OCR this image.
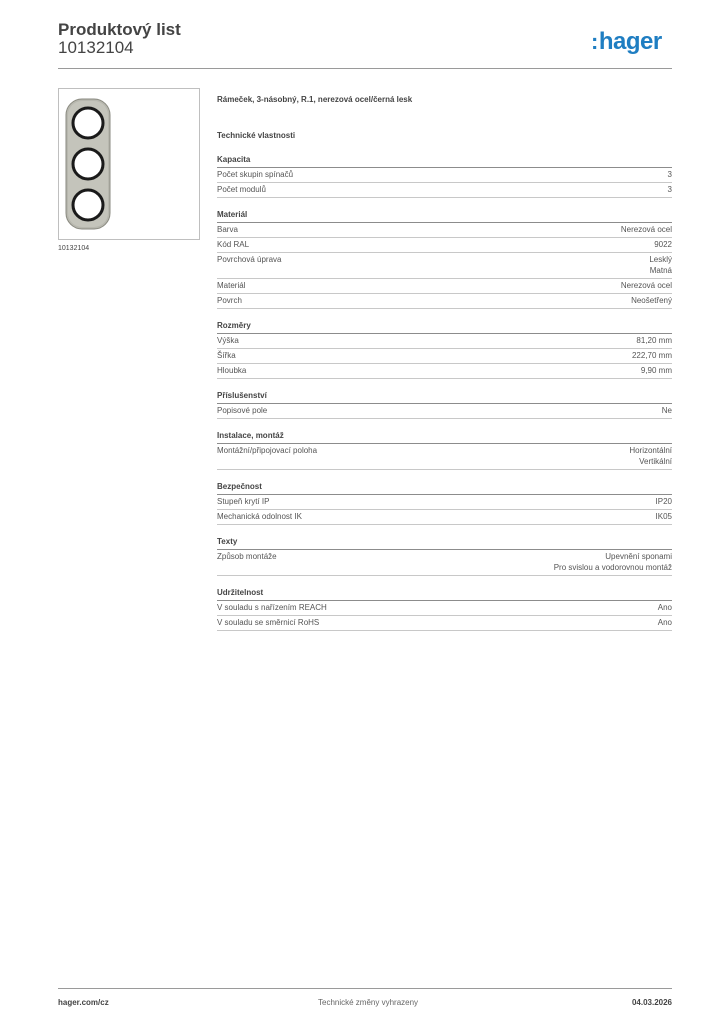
Produktový list
10132104	:hager
10132104
Rámeček, 3-násobný, R.1, nerezová ocel/černá lesk
Technické vlastnosti
Kapacita
Počet skupin spínačů	3
Počet modulů	3
Materiál
Barva	Nerezová ocel
Kód RAL	9022
Povrchová úprava	Lesklý
Matná
Materiál	Nerezová ocel
Povrch	Neošetřený
Rozměry
Výška	81,20 mm
Šířka	222,70 mm
Hloubka	9,90 mm
Příslušenství
Popisové pole	Ne
Instalace, montáž
Montážní/připojovací poloha	Horizontální
Vertikální
Bezpečnost
Stupeň krytí IP	IP20
Mechanická odolnost IK	IK05
Texty
Způsob montáže	Upevnění sponami
Pro svislou a vodorovnou montáž
Udržitelnost
V souladu s nařízením REACH	Ano
V souladu se směrnicí RoHS	Ano
hager.com/cz	Technické změny vyhrazeny	04.03.2026
